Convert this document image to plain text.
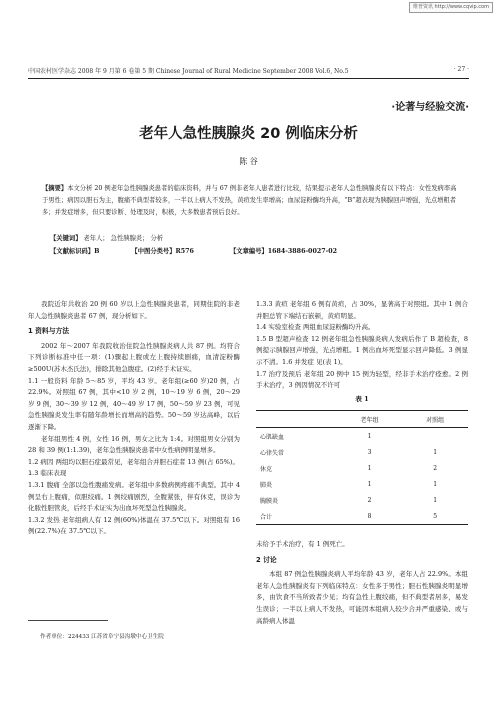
维普资讯 http://www.cqvip.com
中国农村医学杂志 2008 年 9 月第 6 卷第 5 期 Chinese Journal of Rural Medicine September 2008 Vol.6, No.5	· 27 ·
·论著与经验交流·
老年人急性胰腺炎 20 例临床分析
陈 谷

【摘要】本文分析 20 例老年急性胰腺炎患者的临床资料，并与 67 例非老年人患者进行比较，结果提示老年人急性胰腺炎有以下特点：女性发病率高于男性；病因以胆石为主，腹痛不典型者较多，一半以上病人不发热，黄疸发生率增高；血尿淀粉酶均升高，“B”超表现为胰腺回声增强，光点增粗者多；并发症增多，但只要诊断、处理及时，积极，大多数患者预后良好。

【关键词】 老年人； 急性胰腺炎； 分析
【文献标识码】B	【中图分类号】R576	【文章编号】1684-3886-0027-02

我院近年共收治 20 例 60 岁以上急性胰腺炎患者，同期住院的非老年人急性胰腺炎患者 67 例，现分析如下。

1 资料与方法

2002 年～2007 年我院收治住院急性胰腺炎病人共 87 例。均符合下列诊断标准中任一项：(1)骤起上腹或左上腹持续剧痛，血清淀粉酶≥500U(苏木杰氏法)，排除其他急腹症。(2)经手术证实。

1.1 一般资料 年龄 5～85 岁，平均 43 岁。老年组(≥60 岁)20 例，占 22.9%。对照组 67 例，其中<10 岁 2 例，10～19 岁 6 例，20～29 岁 9 例，30～39 岁 12 例，40～49 岁 17 例，50～59 岁 23 例，可见急性胰腺炎发生率有随年龄增长而增高的趋势。50～59 岁达高峰，以后逐渐下降。

老年组男性 4 例，女性 16 例，男女之比为 1:4。对照组男女分别为 28 和 39 例(1:1.39)，老年急性胰腺炎患者中女性病例明显增多。

1.2 病因 两组均以胆石症最常见，老年组合并胆石症者 13 例(占 65%)。

1.3 临床表现

1.3.1 腹痛 全部以急性腹痛发病。老年组中多数病例疼痛不典型。其中 4 例呈右上腹痛，似胆绞痛。1 例绞痛剧烈，全腹紧张，伴有休克，误诊为化脓性胆管炎，后经手术证实为出血坏死型急性胰腺炎。

1.3.2 发热 老年组病人有 12 例(60%)体温在 37.5℃以下。对照组有 16 例(22.7%)在 37.5℃以下。

1.3.3 黄疸 老年组 6 例有黄疸，占 30%，显著高于对照组。其中 1 例合并胆总管下端结石嵌顿，黄疸明显。

1.4 实验室检查 两组血尿淀粉酶均升高。

1.5 B 型超声检查 12 例老年组急性胰腺炎病人发病后作了 B 超检查，8 例提示胰腺回声增强，光点增粗。1 例出血坏死型显示回声降低。3 例显示不清。1.6 并发症 见(表 1)。

1.7 治疗及预后 老年组 20 例中 15 例为轻型，经非手术治疗痊愈。2 例手术治疗，3 例因情况不许可

表 1
	老年组	对照组
心肌缺血	1	
心律失常	3	1
休克	1	2
肺炎	1	1
胸膜炎	2	1
合计	8	5

未给予手术治疗，有 1 例死亡。

2 讨论

本组 87 例急性胰腺炎病人平均年龄 43 岁，老年人占 22.9%。本组老年人急性胰腺炎有下列临床特点：女性多于男性；胆石性胰腺炎明显增多，由饮食不当所致者少见；均有急性上腹绞痛，但不典型者居多，易发生误诊；一半以上病人不发热，可能因本组病人较少合并严重感染、或与高龄病人体温

作者单位：224433 江苏省阜宁县沟墩中心卫生院
